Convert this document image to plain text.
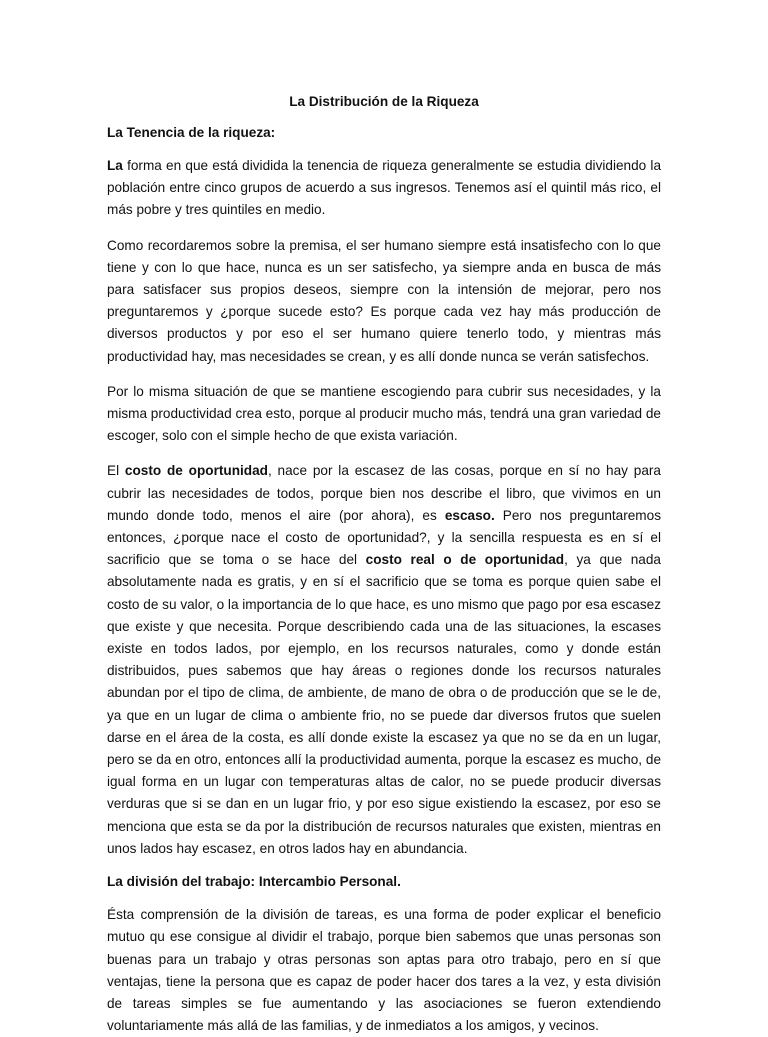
La Distribución de la Riqueza
La Tenencia de la riqueza:

La forma en que está dividida la tenencia de riqueza generalmente se estudia dividiendo la población entre cinco grupos de acuerdo a sus ingresos. Tenemos así el quintil más rico, el más pobre y tres quintiles en medio.

Como recordaremos sobre la premisa, el ser humano siempre está insatisfecho con lo que tiene y con lo que hace, nunca es un ser satisfecho, ya siempre anda en busca de más para satisfacer sus propios deseos, siempre con la intensión de mejorar, pero nos preguntaremos y ¿porque sucede esto? Es porque cada vez hay más producción de diversos productos y por eso el ser humano quiere tenerlo todo, y mientras más productividad hay, mas necesidades se crean, y es allí donde nunca se verán satisfechos.

Por lo misma situación de que se mantiene escogiendo para cubrir sus necesidades, y la misma productividad crea esto, porque al producir mucho más, tendrá una gran variedad de escoger, solo con el simple hecho de que exista variación.

El costo de oportunidad, nace por la escasez de las cosas, porque en sí no hay para cubrir las necesidades de todos, porque bien nos describe el libro, que vivimos en un mundo donde todo, menos el aire (por ahora), es escaso. Pero nos preguntaremos entonces, ¿porque nace el costo de oportunidad?, y la sencilla respuesta es en sí el sacrificio que se toma o se hace del costo real o de oportunidad, ya que nada absolutamente nada es gratis, y en sí el sacrificio que se toma es porque quien sabe el costo de su valor, o la importancia de lo que hace, es uno mismo que pago por esa escasez que existe y que necesita. Porque describiendo cada una de las situaciones, la escases existe en todos lados, por ejemplo, en los recursos naturales, como y donde están distribuidos, pues sabemos que hay áreas o regiones donde los recursos naturales abundan por el tipo de clima, de ambiente, de mano de obra o de producción que se le de, ya que en un lugar de clima o ambiente frio, no se puede dar diversos frutos que suelen darse en el área de la costa, es allí donde existe la escasez ya que no se da en un lugar, pero se da en otro, entonces allí la productividad aumenta, porque la escasez es mucho, de igual forma en un lugar con temperaturas altas de calor, no se puede producir diversas verduras que si se dan en un lugar frio, y por eso sigue existiendo la escasez, por eso se menciona que esta se da por la distribución de recursos naturales que existen, mientras en unos lados hay escasez, en otros lados hay en abundancia.

La división del trabajo: Intercambio Personal.

Ésta comprensión de la división de tareas, es una forma de poder explicar el beneficio mutuo qu ese consigue al dividir el trabajo, porque bien sabemos que unas personas son buenas para un trabajo y otras personas son aptas para otro trabajo, pero en sí que ventajas, tiene la persona que es capaz de poder hacer dos tares a la vez, y esta división de tareas simples se fue aumentando y las asociaciones se fueron extendiendo voluntariamente más allá de las familias, y de inmediatos a los amigos, y vecinos.
